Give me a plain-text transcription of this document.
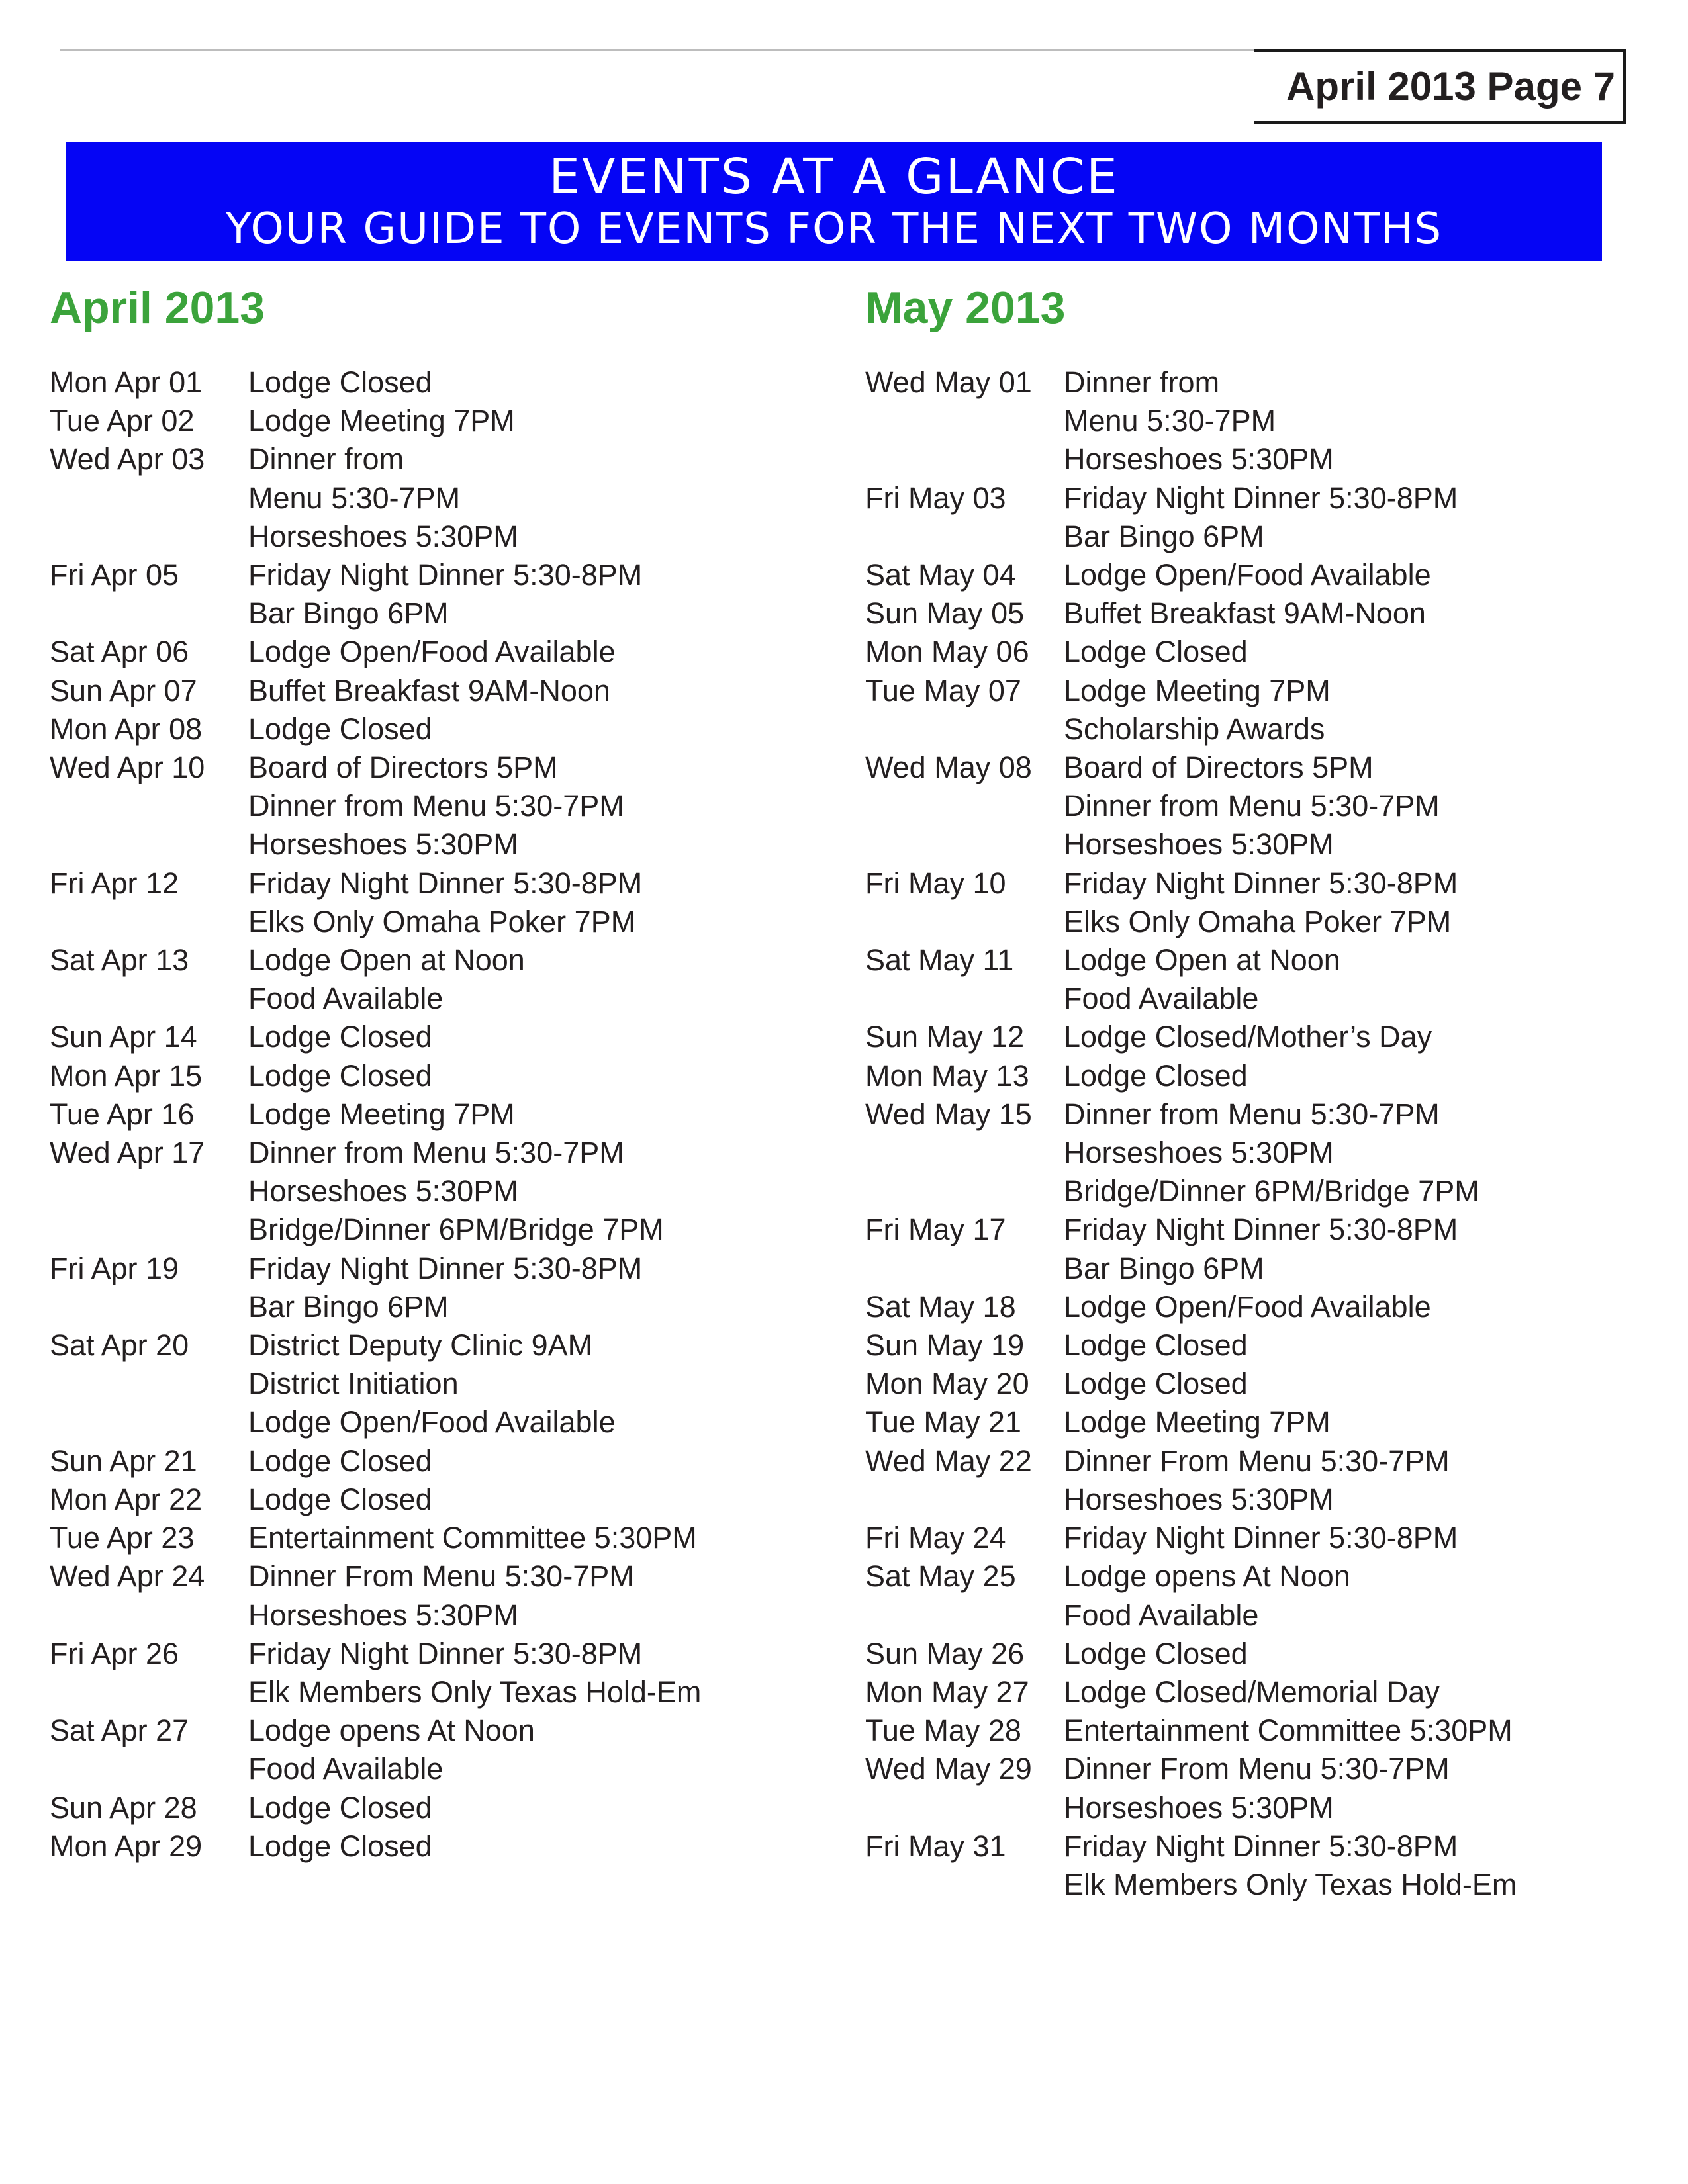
April 2013 Page 7
EVENTS AT A GLANCE
YOUR GUIDE TO EVENTS FOR THE NEXT TWO MONTHS
April 2013
Mon Apr 01	Lodge Closed
Tue Apr 02	Lodge Meeting 7PM
Wed Apr 03	Dinner from
Menu 5:30-7PM
Horseshoes 5:30PM
Fri Apr 05	Friday Night Dinner 5:30-8PM
Bar Bingo 6PM
Sat Apr 06	Lodge Open/Food Available
Sun Apr 07	Buffet Breakfast 9AM-Noon
Mon Apr 08	Lodge Closed
Wed Apr 10	Board of Directors 5PM
Dinner from Menu 5:30-7PM
Horseshoes 5:30PM
Fri Apr 12	Friday Night Dinner 5:30-8PM
Elks Only Omaha Poker 7PM
Sat Apr 13	Lodge Open at Noon
Food Available
Sun Apr 14	Lodge Closed
Mon Apr 15	Lodge Closed
Tue Apr 16	Lodge Meeting 7PM
Wed Apr 17	Dinner from Menu 5:30-7PM
Horseshoes 5:30PM
Bridge/Dinner 6PM/Bridge 7PM
Fri Apr 19	Friday Night Dinner 5:30-8PM
Bar Bingo 6PM
Sat Apr 20	District Deputy Clinic 9AM
District Initiation
Lodge Open/Food Available
Sun Apr 21	Lodge Closed
Mon Apr 22	Lodge Closed
Tue Apr 23	Entertainment Committee 5:30PM
Wed Apr 24	Dinner From Menu 5:30-7PM
Horseshoes 5:30PM
Fri Apr 26	Friday Night Dinner 5:30-8PM
Elk Members Only Texas Hold-Em
Sat Apr 27	Lodge opens At Noon
Food Available
Sun Apr 28	Lodge Closed
Mon Apr 29	Lodge Closed
May 2013
Wed May 01	Dinner from
Menu 5:30-7PM
Horseshoes 5:30PM
Fri May 03	Friday Night Dinner 5:30-8PM
Bar Bingo 6PM
Sat May 04	Lodge Open/Food Available
Sun May 05	Buffet Breakfast 9AM-Noon
Mon May 06	Lodge Closed
Tue May 07	Lodge Meeting 7PM
Scholarship Awards
Wed May 08	Board of Directors 5PM
Dinner from Menu 5:30-7PM
Horseshoes 5:30PM
Fri May 10	Friday Night Dinner 5:30-8PM
Elks Only Omaha Poker 7PM
Sat May 11	Lodge Open at Noon
Food Available
Sun May 12	Lodge Closed/Mother’s Day
Mon May 13	Lodge Closed
Wed May 15	Dinner from Menu 5:30-7PM
Horseshoes 5:30PM
Bridge/Dinner 6PM/Bridge 7PM
Fri May 17	Friday Night Dinner 5:30-8PM
Bar Bingo 6PM
Sat May 18	Lodge Open/Food Available
Sun May 19	Lodge Closed
Mon May 20	Lodge Closed
Tue May 21	Lodge Meeting 7PM
Wed May 22	Dinner From Menu 5:30-7PM
Horseshoes 5:30PM
Fri May 24	Friday Night Dinner 5:30-8PM
Sat May 25	Lodge opens At Noon
Food Available
Sun May 26	Lodge Closed
Mon May 27	Lodge Closed/Memorial Day
Tue May 28	Entertainment Committee 5:30PM
Wed May 29	Dinner From Menu 5:30-7PM
Horseshoes 5:30PM
Fri May 31	Friday Night Dinner 5:30-8PM
Elk Members Only Texas Hold-Em
